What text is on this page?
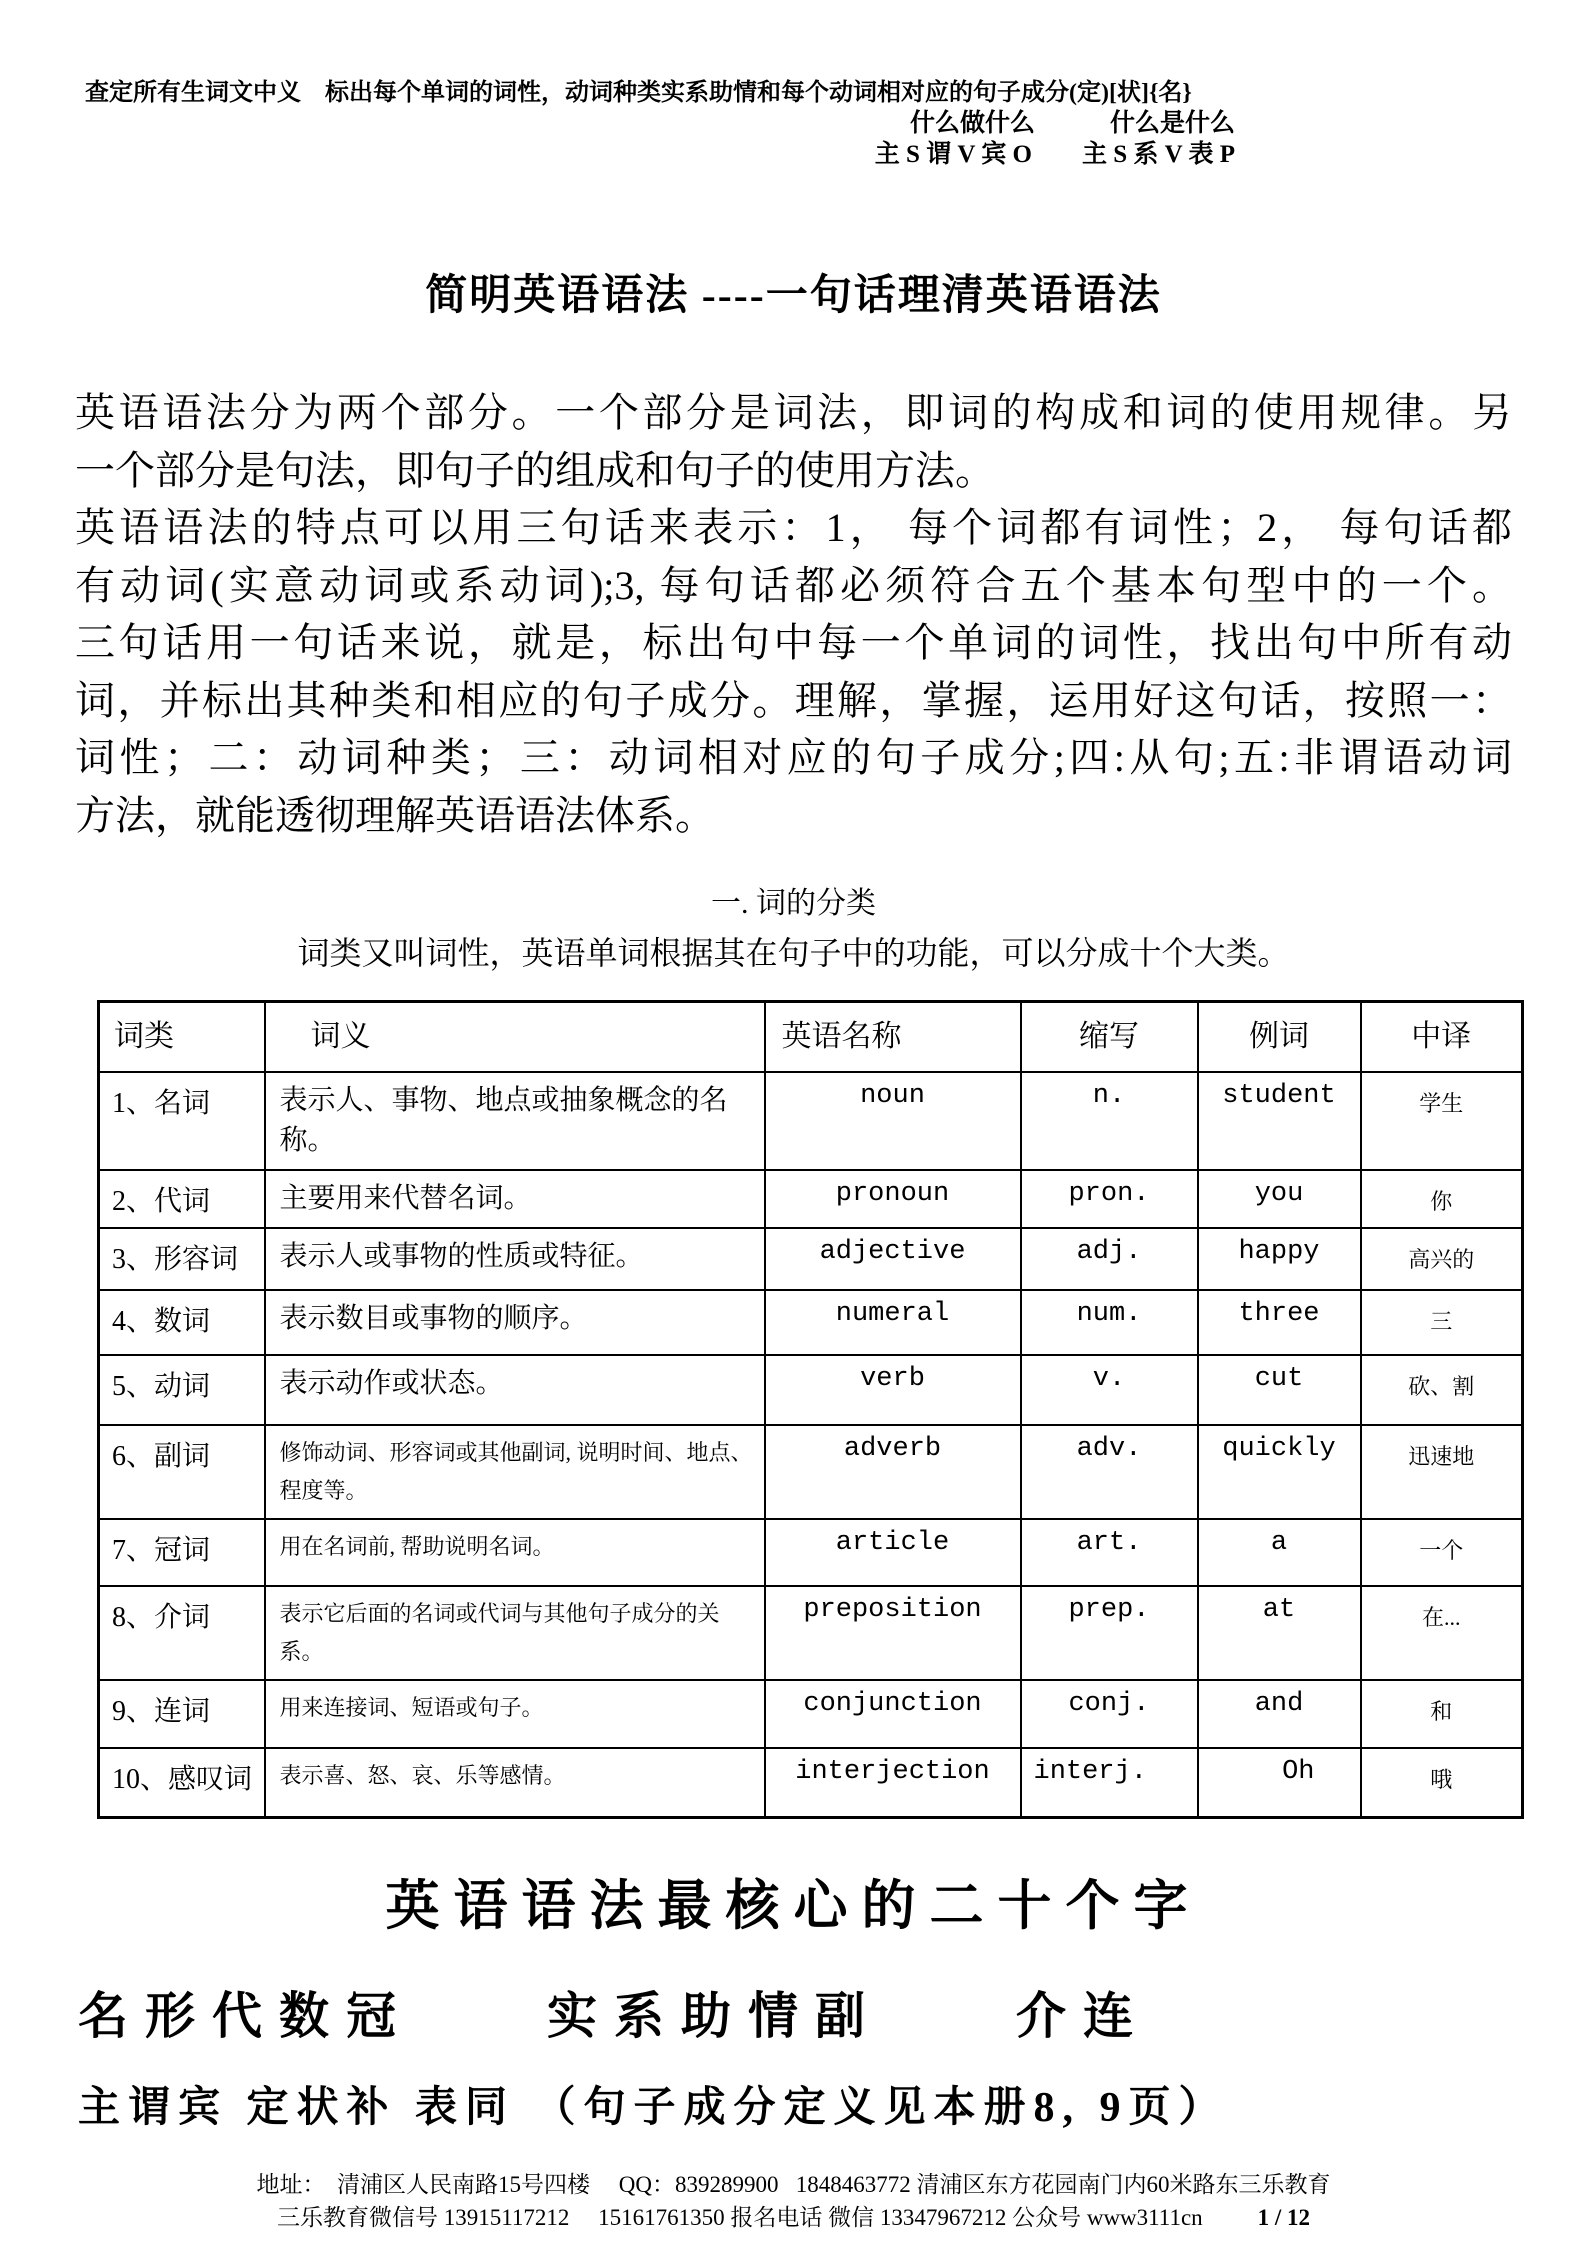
查定所有生词文中义　标出每个单词的词性，动词种类实系助情和每个动词相对应的句子成分(定)[状]{名}
什么做什么　　　什么是什么
主 S 谓 V 宾 O　　主 S 系 V 表 P
简明英语语法 ----一句话理清英语语法
英语语法分为两个部分。一个部分是词法，即词的构成和词的使用规律。另
一个部分是句法，即句子的组成和句子的使用方法。
英语语法的特点可以用三句话来表示：1， 每个词都有词性；2， 每句话都
有动词(实意动词或系动词);3, 每句话都必须符合五个基本句型中的一个。
三句话用一句话来说，就是，标出句中每一个单词的词性，找出句中所有动
词，并标出其种类和相应的句子成分。理解，掌握，运用好这句话，按照一：
词性；二：动词种类；三：动词相对应的句子成分;四:从句;五:非谓语动词
方法，就能透彻理解英语语法体系。
一. 词的分类
词类又叫词性，英语单词根据其在句子中的功能，可以分成十个大类。
词类	词义	英语名称	缩写	例词	中译
1、名词	表示人、事物、地点或抽象概念的名称。	noun	n.	student	学生
2、代词	主要用来代替名词。	pronoun	pron.	you	你
3、形容词	表示人或事物的性质或特征。	adjective	adj.	happy	高兴的
4、数词	表示数目或事物的顺序。	numeral	num.	three	三
5、动词	表示动作或状态。	verb	v.	cut	砍、割
6、副词	修饰动词、形容词或其他副词, 说明时间、地点、程度等。	adverb	adv.	quickly	迅速地
7、冠词	用在名词前, 帮助说明名词。	article	art.	a	一个
8、介词	表示它后面的名词或代词与其他句子成分的关系。	preposition	prep.	at	在...
9、连词	用来连接词、短语或句子。	conjunction	conj.	and	和
10、感叹词	表示喜、怒、哀、乐等感情。	interjection	interj.	Oh	哦
英语语法最核心的二十个字
名形代数冠　　实系助情副　　介连
主谓宾 定状补 表同 （句子成分定义见本册8, 9页）
地址：  清浦区人民南路15号四楼     QQ：839289900   1848463772 清浦区东方花园南门内60米路东三乐教育
三乐教育微信号 13915117212     15161761350 报名电话 微信 13347967212 公众号 www3111cn 1 / 12
